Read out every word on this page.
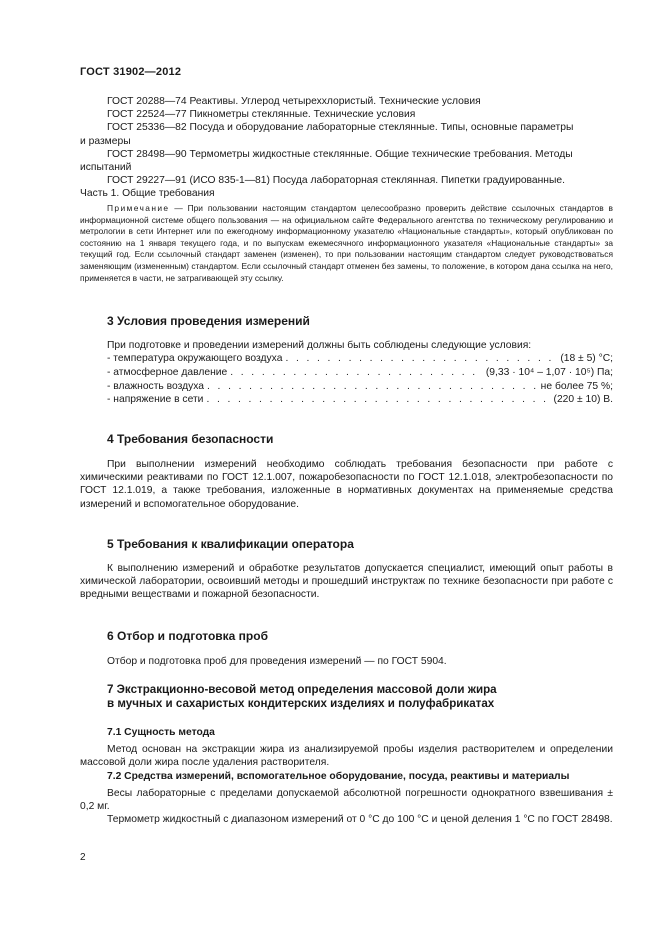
ГОСТ 31902—2012

ГОСТ 20288—74 Реактивы. Углерод четыреххлористый. Технические условия

ГОСТ 22524—77 Пикнометры стеклянные. Технические условия

ГОСТ 25336—82 Посуда и оборудование лабораторные стеклянные. Типы, основные параметры

и размеры

ГОСТ 28498—90 Термометры жидкостные стеклянные. Общие технические требования. Методы

испытаний

ГОСТ 29227—91 (ИСО 835-1—81) Посуда лабораторная стеклянная. Пипетки градуированные.

Часть 1. Общие требования

Примечание — При пользовании настоящим стандартом целесообразно проверить действие ссылочных стандартов в информационной системе общего пользования — на официальном сайте Федерального агентства по техническому регулированию и метрологии в сети Интернет или по ежегодному информационному указателю «Национальные стандарты», который опубликован по состоянию на 1 января текущего года, и по выпускам ежемесячного информационного указателя «Национальные стандарты» за текущий год. Если ссылочный стандарт заменен (изменен), то при пользовании настоящим стандартом следует руководствоваться заменяющим (измененным) стандартом. Если ссылочный стандарт отменен без замены, то положение, в котором дана ссылка на него, применяется в части, не затрагивающей эту ссылку.

3 Условия проведения измерений

При подготовке и проведении измерений должны быть соблюдены следующие условия:

- температура окружающего воздуха . . .	(18 ± 5) °С;
- атмосферное давление . . .	(9,33 · 10⁴ – 1,07 · 10⁵) Па;
- влажность воздуха . . .	не более 75 %;
- напряжение в сети . . .	(220 ± 10) В.
4 Требования безопасности

При выполнении измерений необходимо соблюдать требования безопасности при работе с химическими реактивами по ГОСТ 12.1.007, пожаробезопасности по ГОСТ 12.1.018, электробезопасности по ГОСТ 12.1.019, а также требования, изложенные в нормативных документах на применяемые средства измерений и вспомогательное оборудование.

5 Требования к квалификации оператора

К выполнению измерений и обработке результатов допускается специалист, имеющий опыт работы в химической лаборатории, освоивший методы и прошедший инструктаж по технике безопасности при работе с вредными веществами и пожарной безопасности.

6 Отбор и подготовка проб

Отбор и подготовка проб для проведения измерений — по ГОСТ 5904.

7 Экстракционно-весовой метод определения массовой доли жира
в мучных и сахаристых кондитерских изделиях и полуфабрикатах
7.1 Сущность метода

Метод основан на экстракции жира из анализируемой пробы изделия растворителем и определении массовой доли жира после удаления растворителя.

7.2 Средства измерений, вспомогательное оборудование, посуда, реактивы и материалы

Весы лабораторные с пределами допускаемой абсолютной погрешности однократного взвешивания ± 0,2 мг.

Термометр жидкостный с диапазоном измерений от 0 °С до 100 °С и ценой деления 1 °С по ГОСТ 28498.

2
